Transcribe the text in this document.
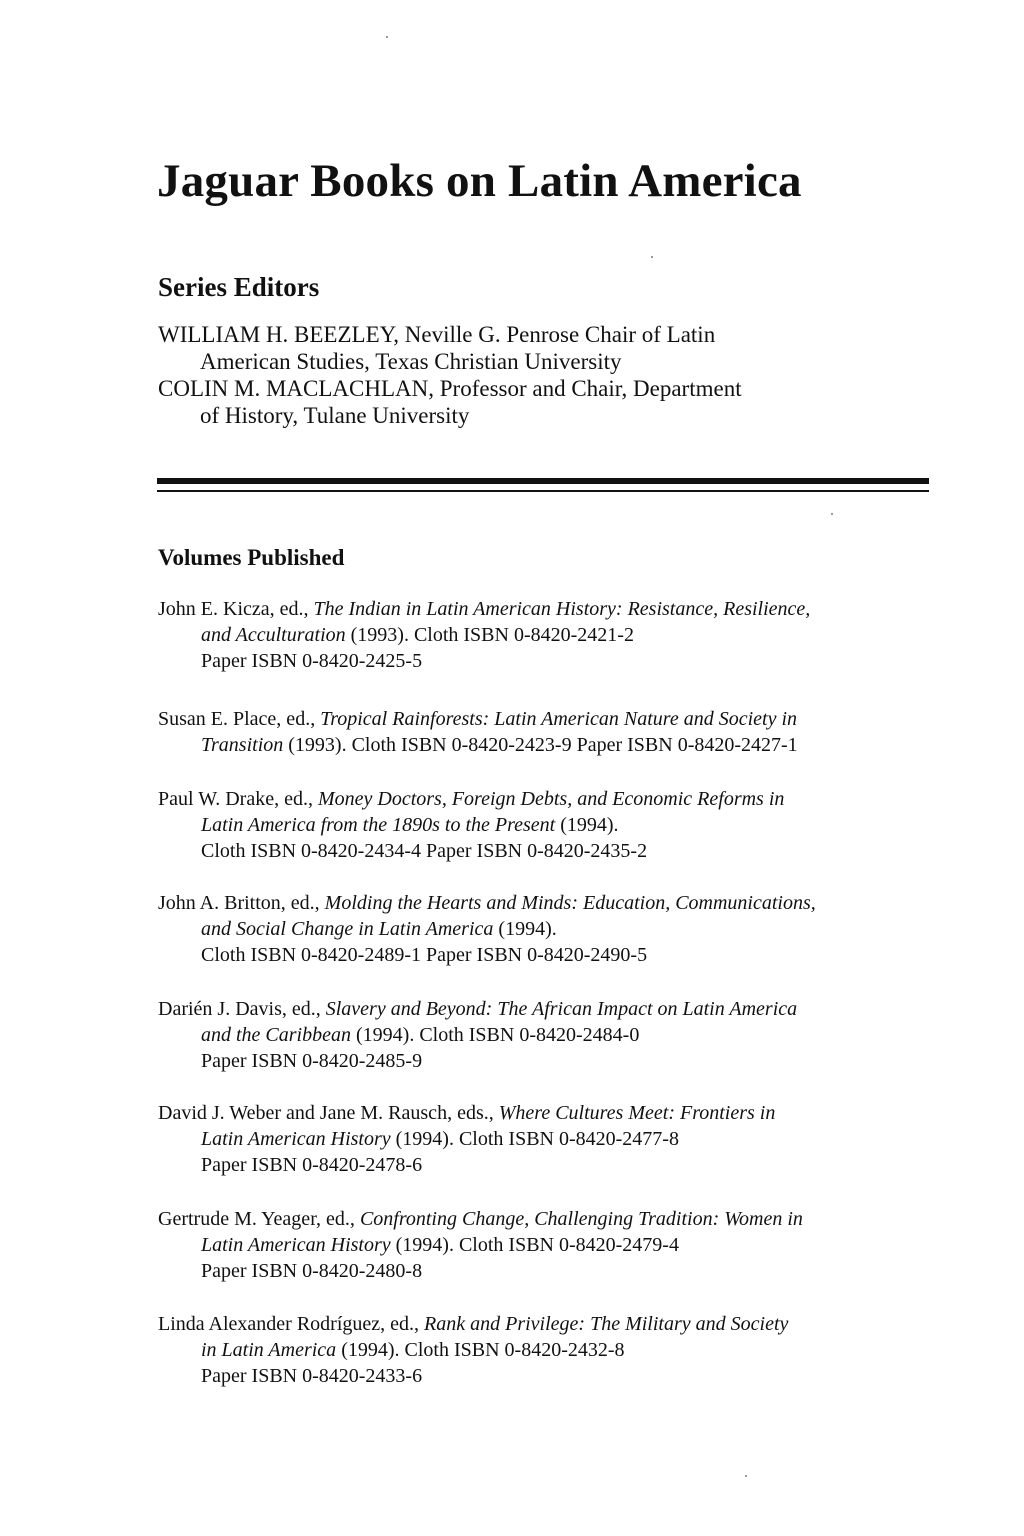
Jaguar Books on Latin America
Series Editors
WILLIAM H. BEEZLEY, Neville G. Penrose Chair of Latin
American Studies, Texas Christian University
COLIN M. MACLACHLAN, Professor and Chair, Department
of History, Tulane University
Volumes Published
John E. Kicza, ed., The Indian in Latin American History: Resistance, Resilience,
and Acculturation (1993). Cloth ISBN 0-8420-2421-2
Paper ISBN 0-8420-2425-5
Susan E. Place, ed., Tropical Rainforests: Latin American Nature and Society in
Transition (1993). Cloth ISBN 0-8420-2423-9 Paper ISBN 0-8420-2427-1
Paul W. Drake, ed., Money Doctors, Foreign Debts, and Economic Reforms in
Latin America from the 1890s to the Present (1994).
Cloth ISBN 0-8420-2434-4 Paper ISBN 0-8420-2435-2
John A. Britton, ed., Molding the Hearts and Minds: Education, Communications,
and Social Change in Latin America (1994).
Cloth ISBN 0-8420-2489-1 Paper ISBN 0-8420-2490-5
Darién J. Davis, ed., Slavery and Beyond: The African Impact on Latin America
and the Caribbean (1994). Cloth ISBN 0-8420-2484-0
Paper ISBN 0-8420-2485-9
David J. Weber and Jane M. Rausch, eds., Where Cultures Meet: Frontiers in
Latin American History (1994). Cloth ISBN 0-8420-2477-8
Paper ISBN 0-8420-2478-6
Gertrude M. Yeager, ed., Confronting Change, Challenging Tradition: Women in
Latin American History (1994). Cloth ISBN 0-8420-2479-4
Paper ISBN 0-8420-2480-8
Linda Alexander Rodríguez, ed., Rank and Privilege: The Military and Society
in Latin America (1994). Cloth ISBN 0-8420-2432-8
Paper ISBN 0-8420-2433-6
